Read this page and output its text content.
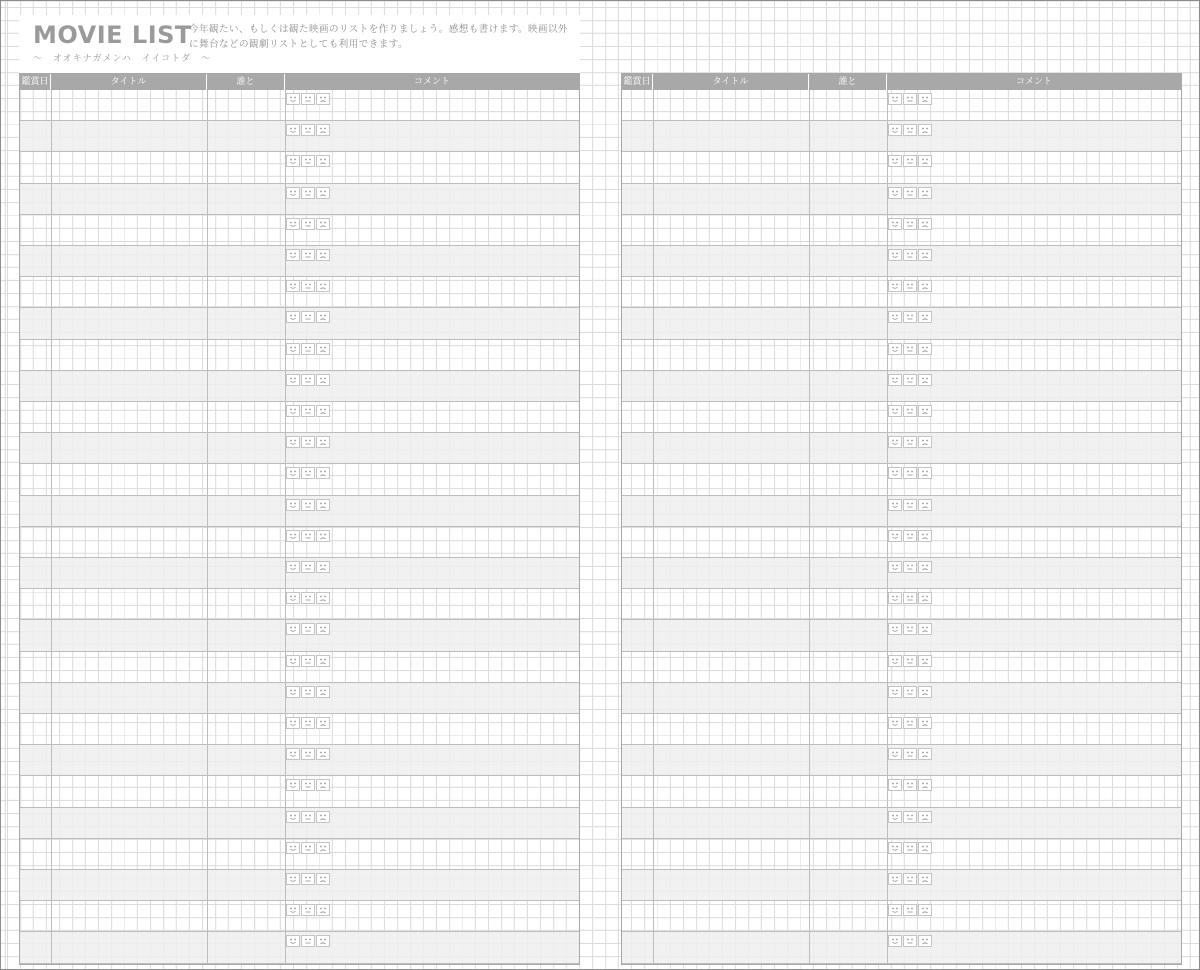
MOVIE LIST
〜　オオキナガメンハ　イイコトダ　〜
今年観たい、もしくは観た映画のリストを作りましょう。感想も書けます。映画以外に舞台などの観劇リストとしても利用できます。
鑑賞日	タイトル	誰と	コメント	鑑賞日	タイトル	誰と	コメント
